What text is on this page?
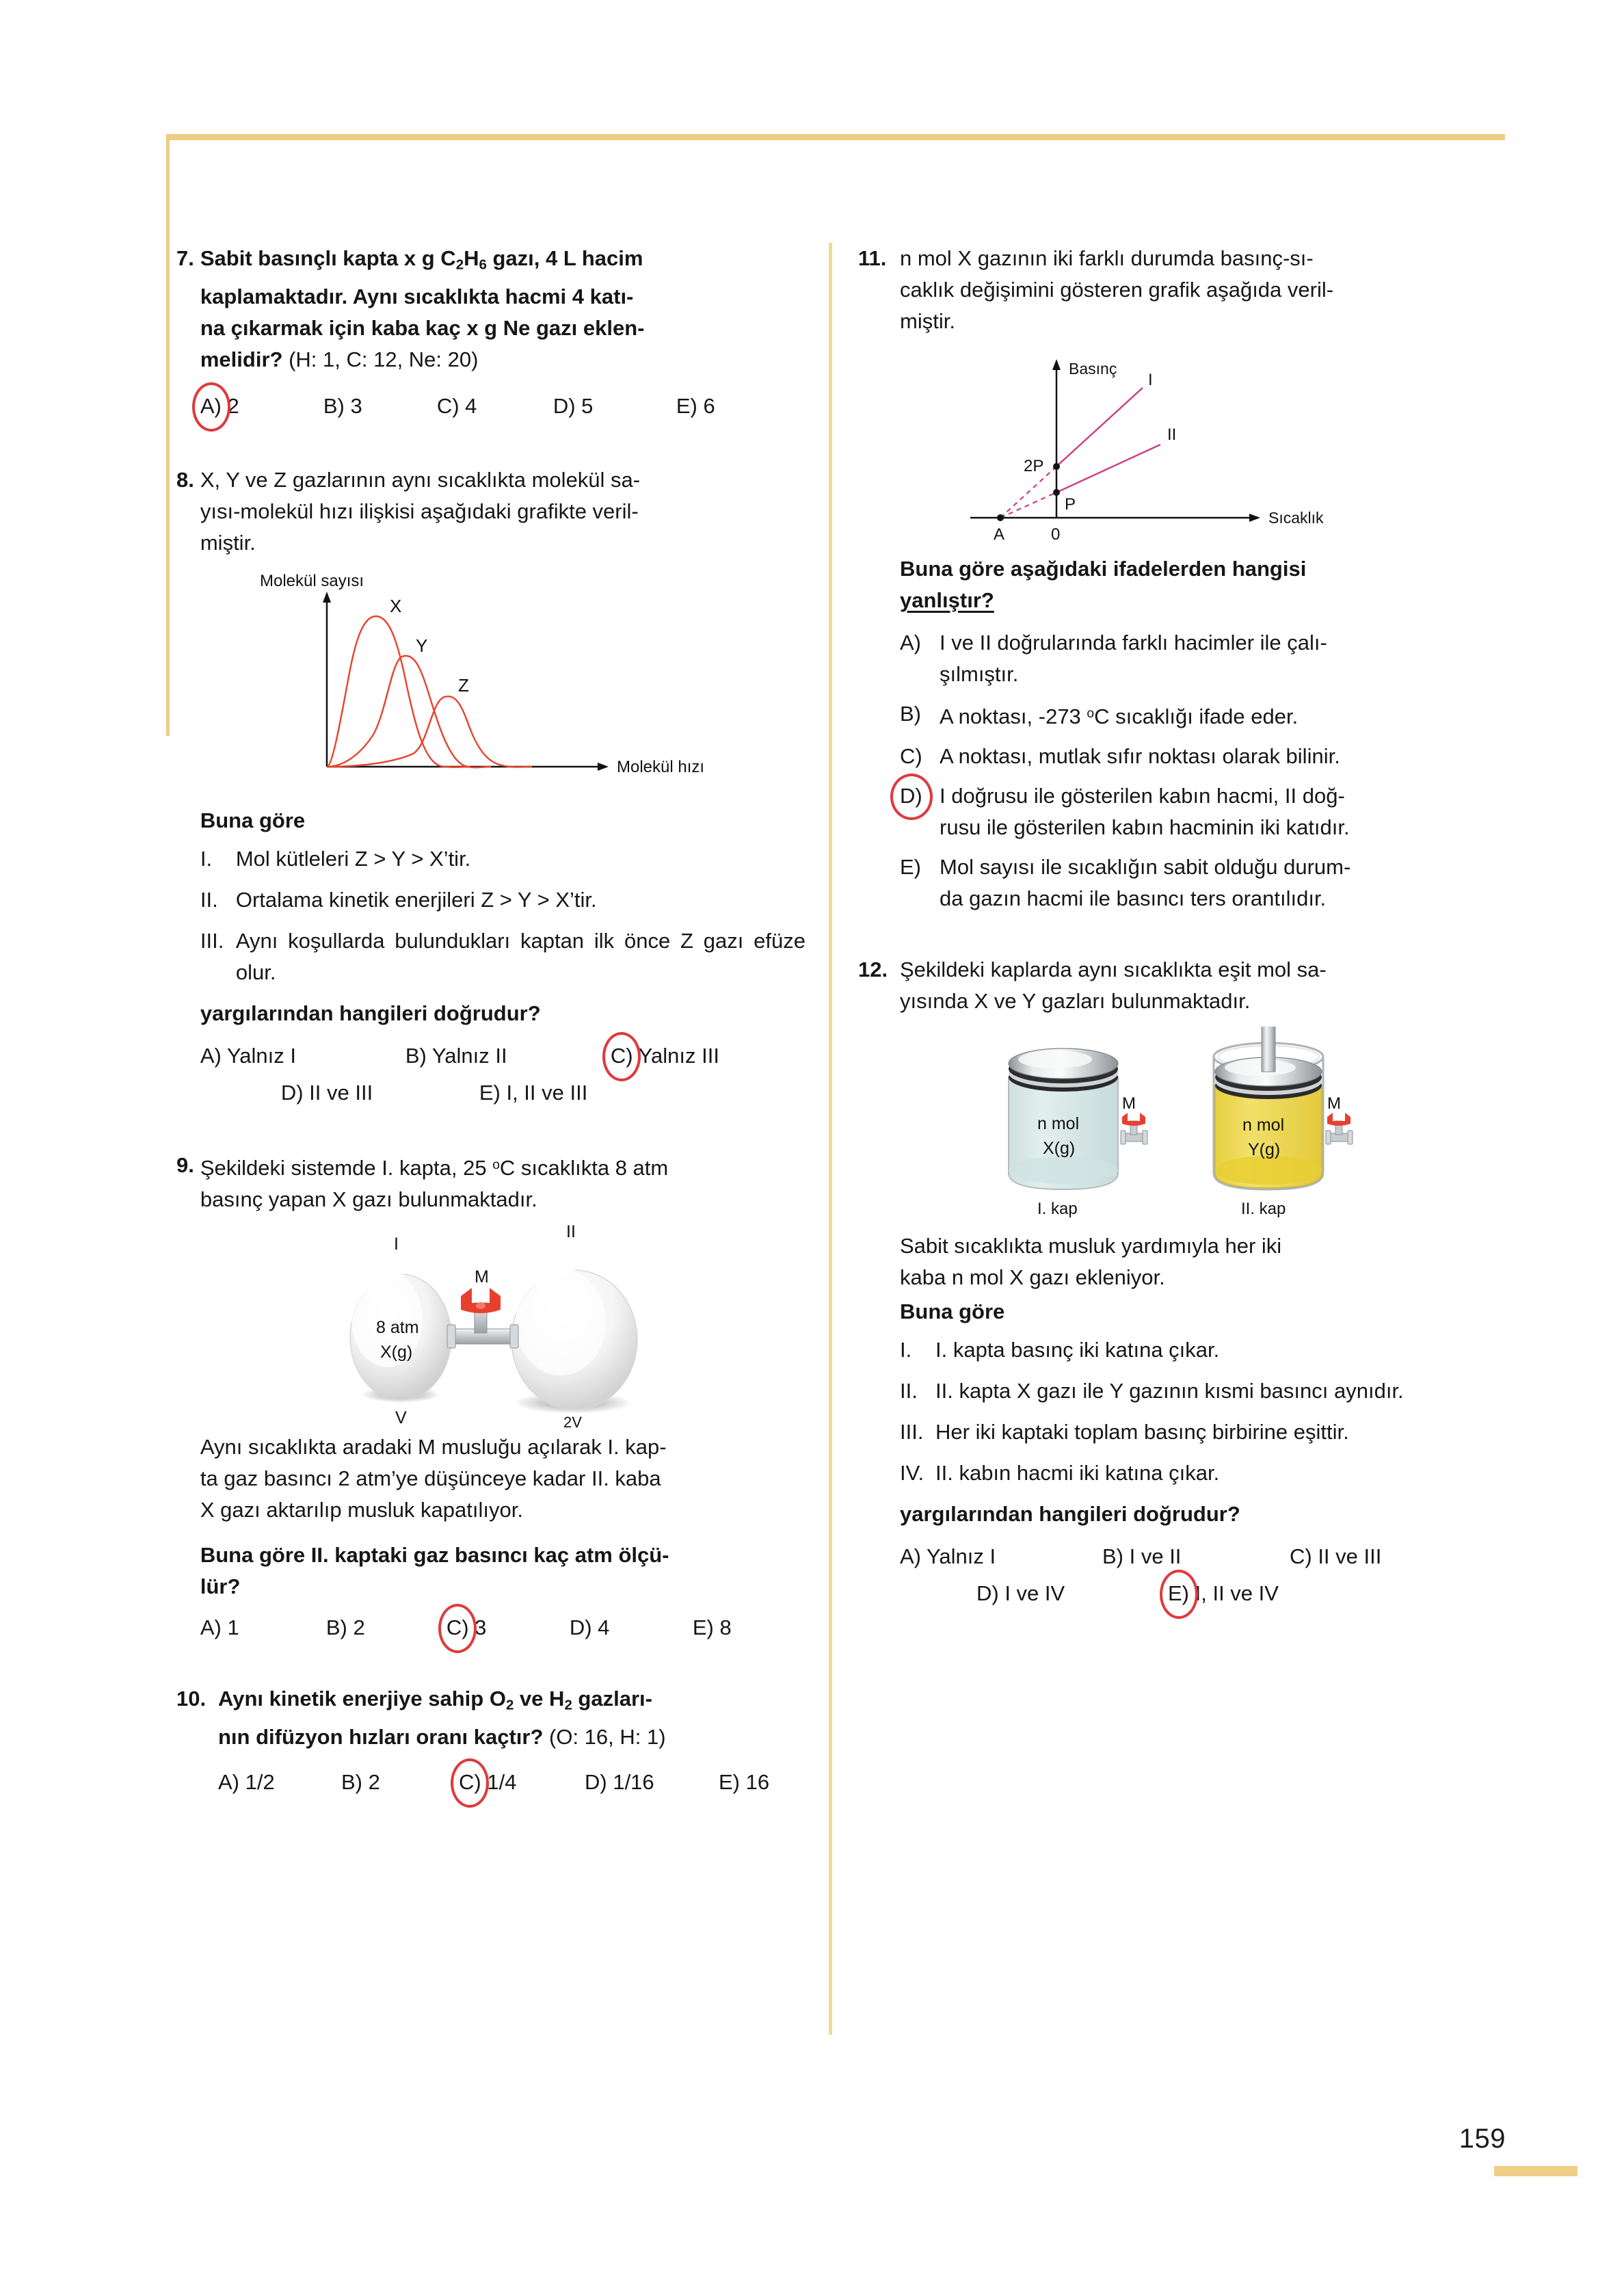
7. Sabit basınçlı kapta x g $C_2H_6$ gazı, 4 L hacim
kaplamaktadır. Aynı sıcaklıkta hacmi 4 katı-
na çıkarmak için kaba kaç x g Ne gazı eklen-
melidir? (H: 1, C: 12, Ne: 20)
A) 2	B) 3	C) 4	D) 5	E) 6
8. X, Y ve Z gazlarının aynı sıcaklıkta molekül sa-
yısı-molekül hızı ilişkisi aşağıdaki grafikte veril-
miştir.
Molekül sayısı
Molekül hızı
X
Y
Z
Buna göre
I.	Mol kütleleri Z > Y > X’tir.
II. Ortalama kinetik enerjileri Z > Y > X’tir.
III. Aynı koşullarda bulundukları kaptan ilk önce Z gazı efüze olur.
yargılarından hangileri doğrudur?
A) Yalnız I	B) Yalnız II	C) Yalnız III
D) II ve III	E) I, II ve III
9. Şekildeki sistemde I. kapta, 25 $^o$C sıcaklıkta 8 atm
basınç yapan X gazı bulunmaktadır.
I
II
M
8 atm
X(g)
V	2V
Aynı sıcaklıkta aradaki M musluğu açılarak I. kap-
ta gaz basıncı 2 atm’ye düşünceye kadar II. kaba
X gazı aktarılıp musluk kapatılıyor.
Buna göre II. kaptaki gaz basıncı kaç atm ölçü-
lür?
A) 1	B) 2	C) 3	D) 4	E) 8
10. Aynı kinetik enerjiye sahip $O_2$ ve $H_2$ gazları-
nın difüzyon hızları oranı kaçtır? (O: 16, H: 1)
A) 1/2	B) 2	C) 1/4	D) 1/16	E) 16
11. n mol X gazının iki farklı durumda basınç-sı-
caklık değişimini gösteren grafik aşağıda veril-
miştir.
Basınç
Sıcaklık
I
II
2P
P
A	0
Buna göre aşağıdaki ifadelerden hangisi
yanlıştır?
A) I ve II doğrularında farklı hacimler ile çalı-
şılmıştır.
B) A noktası, -273 $^o$C sıcaklığı ifade eder.
C) A noktası, mutlak sıfır noktası olarak bilinir.
D) I doğrusu ile gösterilen kabın hacmi, II doğ-
rusu ile gösterilen kabın hacminin iki katıdır.
E) Mol sayısı ile sıcaklığın sabit olduğu durum-
da gazın hacmi ile basıncı ters orantılıdır.
12. Şekildeki kaplarda aynı sıcaklıkta eşit mol sa-
yısında X ve Y gazları bulunmaktadır.
M
n mol
X(g)
I. kap
M
n mol
Y(g)
II. kap
Sabit sıcaklıkta musluk yardımıyla her iki
kaba n mol X gazı ekleniyor.
Buna göre
I.	I. kapta basınç iki katına çıkar.
II. II. kapta X gazı ile Y gazının kısmi basıncı aynıdır.
III. Her iki kaptaki toplam basınç birbirine eşittir.
IV. II. kabın hacmi iki katına çıkar.
yargılarından hangileri doğrudur?
A) Yalnız I	B) I ve II	C) II ve III
D) I ve IV	E) I, II ve IV
159
